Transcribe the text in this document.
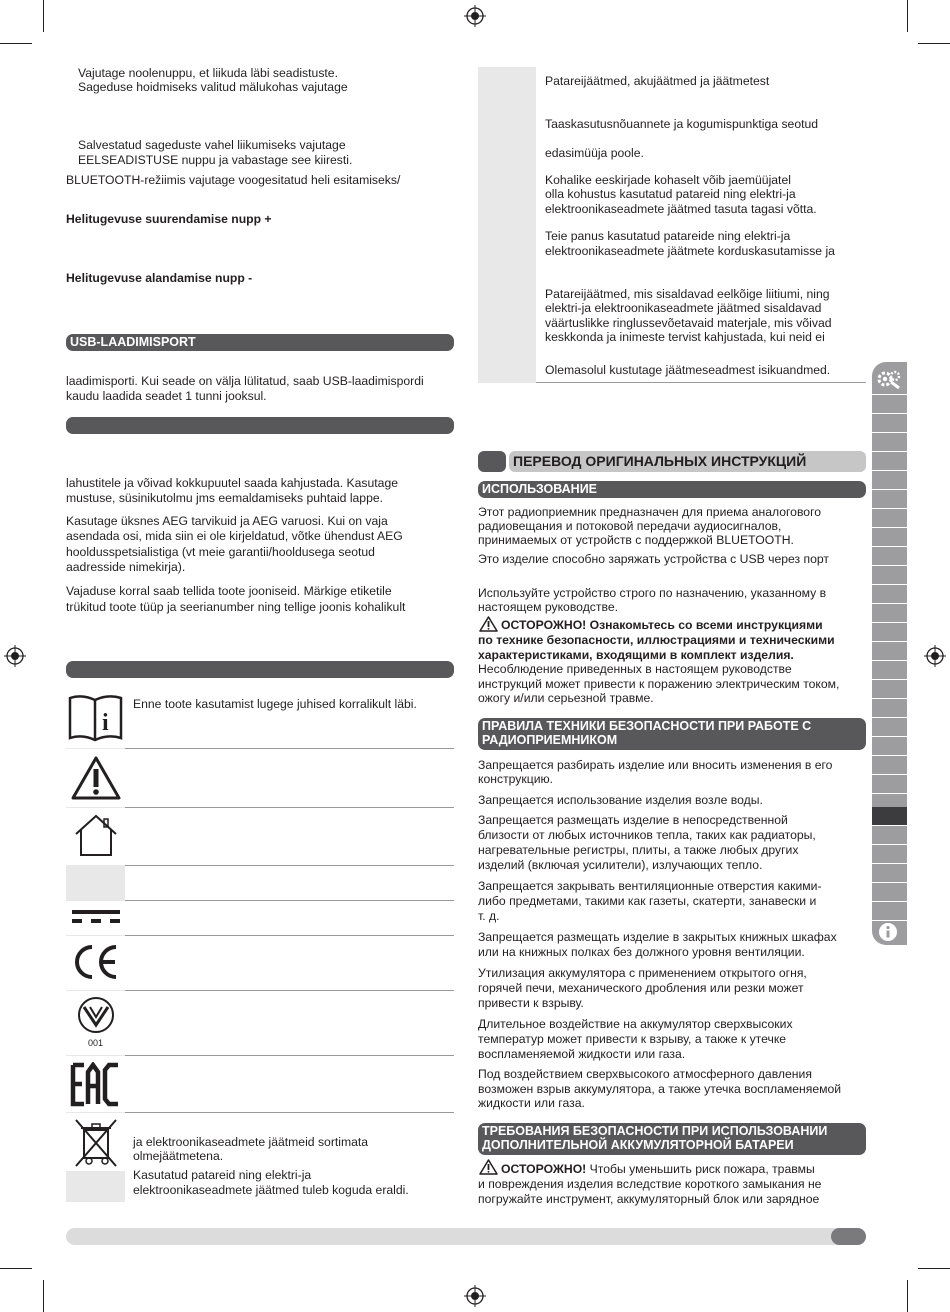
Vajutage noolenuppu, et liikuda läbi seadistuste.
Sageduse hoidmiseks valitud mälukohas vajutage
Salvestatud sageduste vahel liikumiseks vajutage
EELSEADISTUSE nuppu ja vabastage see kiiresti.
BLUETOOTH-režiimis vajutage voogesitatud heli esitamiseks/
Helitugevuse suurendamise nupp +
Helitugevuse alandamise nupp -
USB-LAADIMISPORT
laadimisporti. Kui seade on välja lülitatud, saab USB-laadimispordi
kaudu laadida seadet 1 tunni jooksul.
lahustitele ja võivad kokkupuutel saada kahjustada. Kasutage
mustuse, süsinikutolmu jms eemaldamiseks puhtaid lappe.
Kasutage üksnes AEG tarvikuid ja AEG varuosi. Kui on vaja
asendada osi, mida siin ei ole kirjeldatud, võtke ühendust AEG
hooldusspetsialistiga (vt meie garantii/hooldusega seotud
aadresside nimekirja).
Vajaduse korral saab tellida toote jooniseid. Märkige etiketile
trükitud toote tüüp ja seerianumber ning tellige joonis kohalikult
i
Enne toote kasutamist lugege juhised korralikult läbi.
001
ja elektroonikaseadmete jäätmeid sortimata
olmejäätmetena.
Kasutatud patareid ning elektri-ja
elektroonikaseadmete jäätmed tuleb koguda eraldi.
Patareijäätmed, akujäätmed ja jäätmetest
Taaskasutusnõuannete ja kogumispunktiga seotud
edasimüüja poole.
Kohalike eeskirjade kohaselt võib jaemüüjatel
olla kohustus kasutatud patareid ning elektri-ja
elektroonikaseadmete jäätmed tasuta tagasi võtta.
Teie panus kasutatud patareide ning elektri-ja
elektroonikaseadmete jäätmete korduskasutamisse ja
Patareijäätmed, mis sisaldavad eelkõige liitiumi, ning
elektri-ja elektroonikaseadmete jäätmed sisaldavad
väärtuslikke ringlussevõetavaid materjale, mis võivad
keskkonda ja inimeste tervist kahjustada, kui neid ei
Olemasolul kustutage jäätmeseadmest isikuandmed.
ПЕРЕВОД ОРИГИНАЛЬНЫХ ИНСТРУКЦИЙ
ИСПОЛЬЗОВАНИЕ
Этот радиоприемник предназначен для приема аналогового
радиовещания и потоковой передачи аудиосигналов,
принимаемых от устройств с поддержкой BLUETOOTH.
Это изделие способно заряжать устройства с USB через порт
Используйте устройство строго по назначению, указанному в
настоящем руководстве.
ОСТОРОЖНО! Ознакомьтесь со всеми инструкциями
по технике безопасности, иллюстрациями и техническими
характеристиками, входящими в комплект изделия.
Несоблюдение приведенных в настоящем руководстве
инструкций может привести к поражению электрическим током,
ожогу и/или серьезной травме.
ПРАВИЛА ТЕХНИКИ БЕЗОПАСНОСТИ ПРИ РАБОТЕ С
РАДИОПРИЕМНИКОМ
Запрещается разбирать изделие или вносить изменения в его
конструкцию.
Запрещается использование изделия возле воды.
Запрещается размещать изделие в непосредственной
близости от любых источников тепла, таких как радиаторы,
нагревательные регистры, плиты, а также любых других
изделий (включая усилители), излучающих тепло.
Запрещается закрывать вентиляционные отверстия какими-
либо предметами, такими как газеты, скатерти, занавески и
т. д.
Запрещается размещать изделие в закрытых книжных шкафах
или на книжных полках без должного уровня вентиляции.
Утилизация аккумулятора с применением открытого огня,
горячей печи, механического дробления или резки может
привести к взрыву.
Длительное воздействие на аккумулятор сверхвысоких
температур может привести к взрыву, а также к утечке
воспламеняемой жидкости или газа.
Под воздействием сверхвысокого атмосферного давления
возможен взрыв аккумулятора, а также утечка воспламеняемой
жидкости или газа.
ТРЕБОВАНИЯ БЕЗОПАСНОСТИ ПРИ ИСПОЛЬЗОВАНИИ
ДОПОЛНИТЕЛЬНОЙ АККУМУЛЯТОРНОЙ БАТАРЕИ
ОСТОРОЖНО! Чтобы уменьшить риск пожара, травмы
и повреждения изделия вследствие короткого замыкания не
погружайте инструмент, аккумуляторный блок или зарядное
